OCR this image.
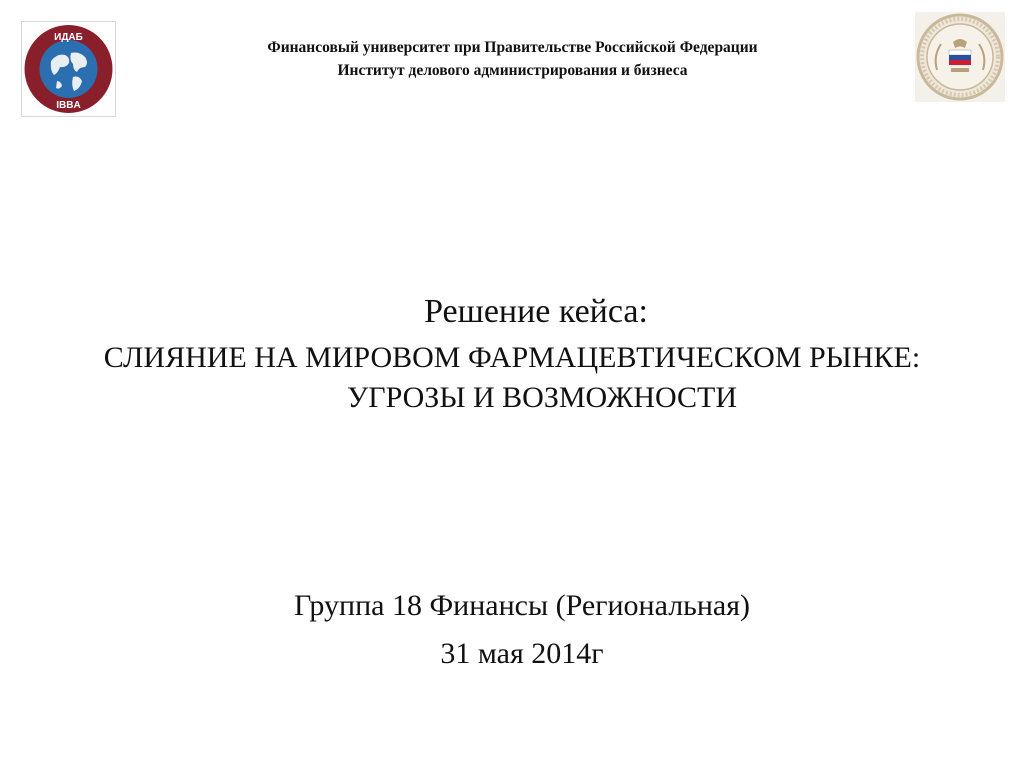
ИДАБ
IBBA
Финансовый университет при Правительстве Российской Федерации
Институт делового администрирования и бизнеса
Решение кейса:
СЛИЯНИЕ НА МИРОВОМ ФАРМАЦЕВТИЧЕСКОМ РЫНКЕ:
УГРОЗЫ И ВОЗМОЖНОСТИ
Группа 18 Финансы (Региональная)
31 мая 2014г
